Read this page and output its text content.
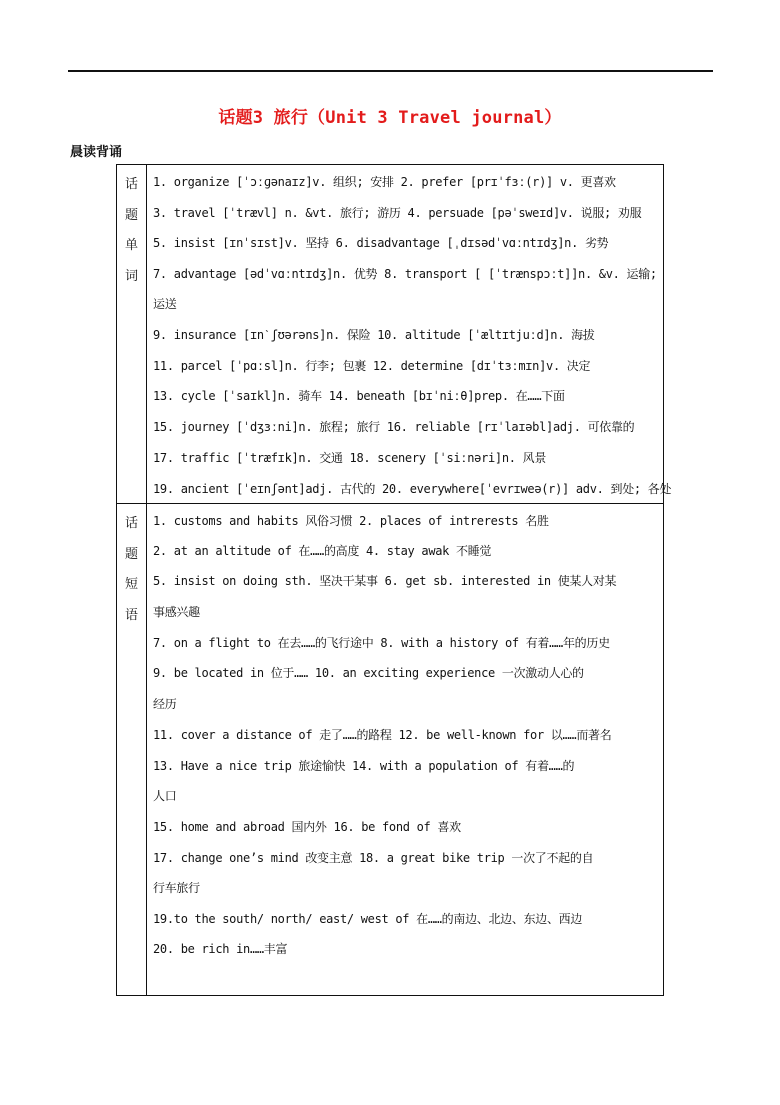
话题3 旅行（Unit 3 Travel journal）
晨读背诵
话
题
单
词
1. organize [ˈɔːɡənaɪz]v. 组织; 安排 2. prefer [prɪˈfɜː(r)] v. 更喜欢
3. travel [ˈtrævl] n. &vt. 旅行; 游历 4. persuade [pəˈsweɪd]v. 说服; 劝服
5. insist [ɪnˈsɪst]v. 坚持 6. disadvantage [ˌdɪsədˈvɑːntɪdʒ]n. 劣势
7. advantage [ədˈvɑːntɪdʒ]n. 优势 8. transport [ [ˈtrænspɔːt]]n. &v. 运输;
运送
9. insurance [ɪnˋʃʊərəns]n. 保险 10. altitude [ˈæltɪtjuːd]n. 海拔
11. parcel [ˈpɑːsl]n. 行李; 包裹 12. determine [dɪˈtɜːmɪn]v. 决定
13. cycle [ˈsaɪkl]n. 骑车 14. beneath [bɪˈniːθ]prep. 在……下面
15. journey [ˈdʒɜːni]n. 旅程; 旅行 16. reliable [rɪˈlaɪəbl]adj. 可依靠的
17. traffic [ˈtræfɪk]n. 交通 18. scenery [ˈsiːnəri]n. 风景
19. ancient [ˈeɪnʃənt]adj. 古代的 20. everywhere[ˈevrɪweə(r)] adv. 到处; 各处
话
题
短
语
1. customs and habits 风俗习惯 2. places of intrerests 名胜
2. at an altitude of 在……的高度 4. stay awak 不睡觉
5. insist on doing sth. 坚决干某事 6. get sb. interested in 使某人对某
事感兴趣
7. on a flight to 在去……的飞行途中 8. with a history of 有着……年的历史
9. be located in 位于…… 10. an exciting experience 一次激动人心的
经历
11. cover a distance of 走了……的路程 12. be well-known for 以……而著名
13. Have a nice trip 旅途愉快 14. with a population of 有着……的
人口
15. home and abroad 国内外 16. be fond of 喜欢
17. change one’s mind 改变主意 18. a great bike trip 一次了不起的自
行车旅行
19.to the south/ north/ east/ west of 在……的南边、北边、东边、西边
20. be rich in……丰富
